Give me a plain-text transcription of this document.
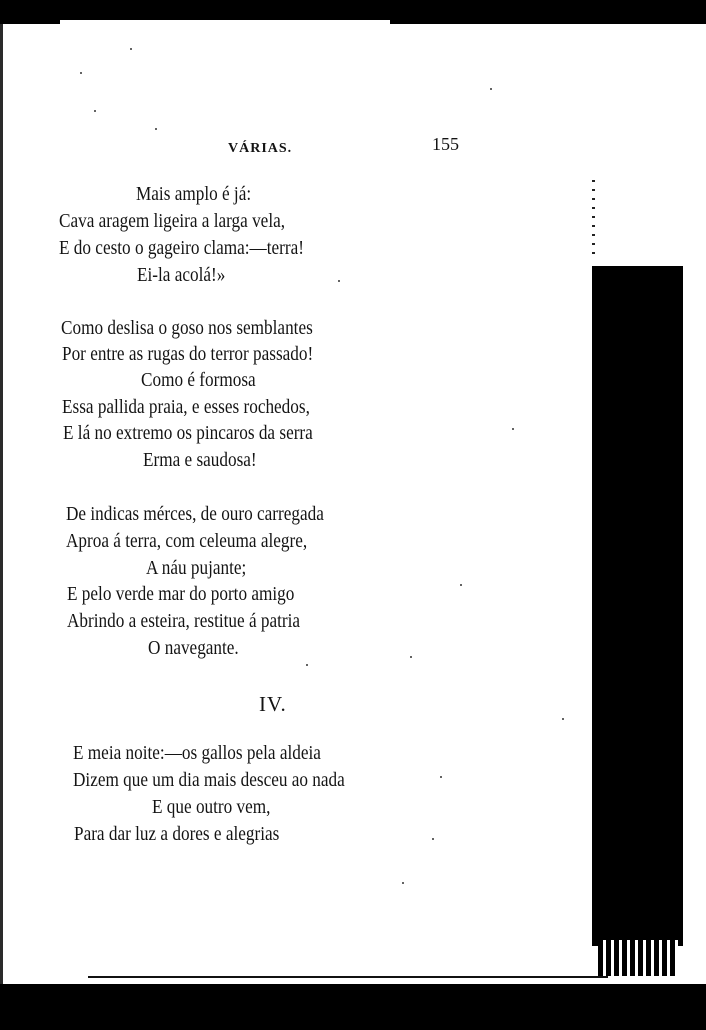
VÁRIAS.	155
Mais amplo é já:
Cava aragem ligeira a larga vela,
E do cesto o gageiro clama:—terra!
Ei-la acolá!»
Como deslisa o goso nos semblantes
Por entre as rugas do terror passado!
Como é formosa
Essa pallida praia, e esses rochedos,
E lá no extremo os pincaros da serra
Erma e saudosa!
De indicas mérces, de ouro carregada
Aproa á terra, com celeuma alegre,
A náu pujante;
E pelo verde mar do porto amigo
Abrindo a esteira, restitue á patria
O navegante.
IV.
E meia noite:—os gallos pela aldeia
Dizem que um dia mais desceu ao nada
E que outro vem,
Para dar luz a dores e alegrias
